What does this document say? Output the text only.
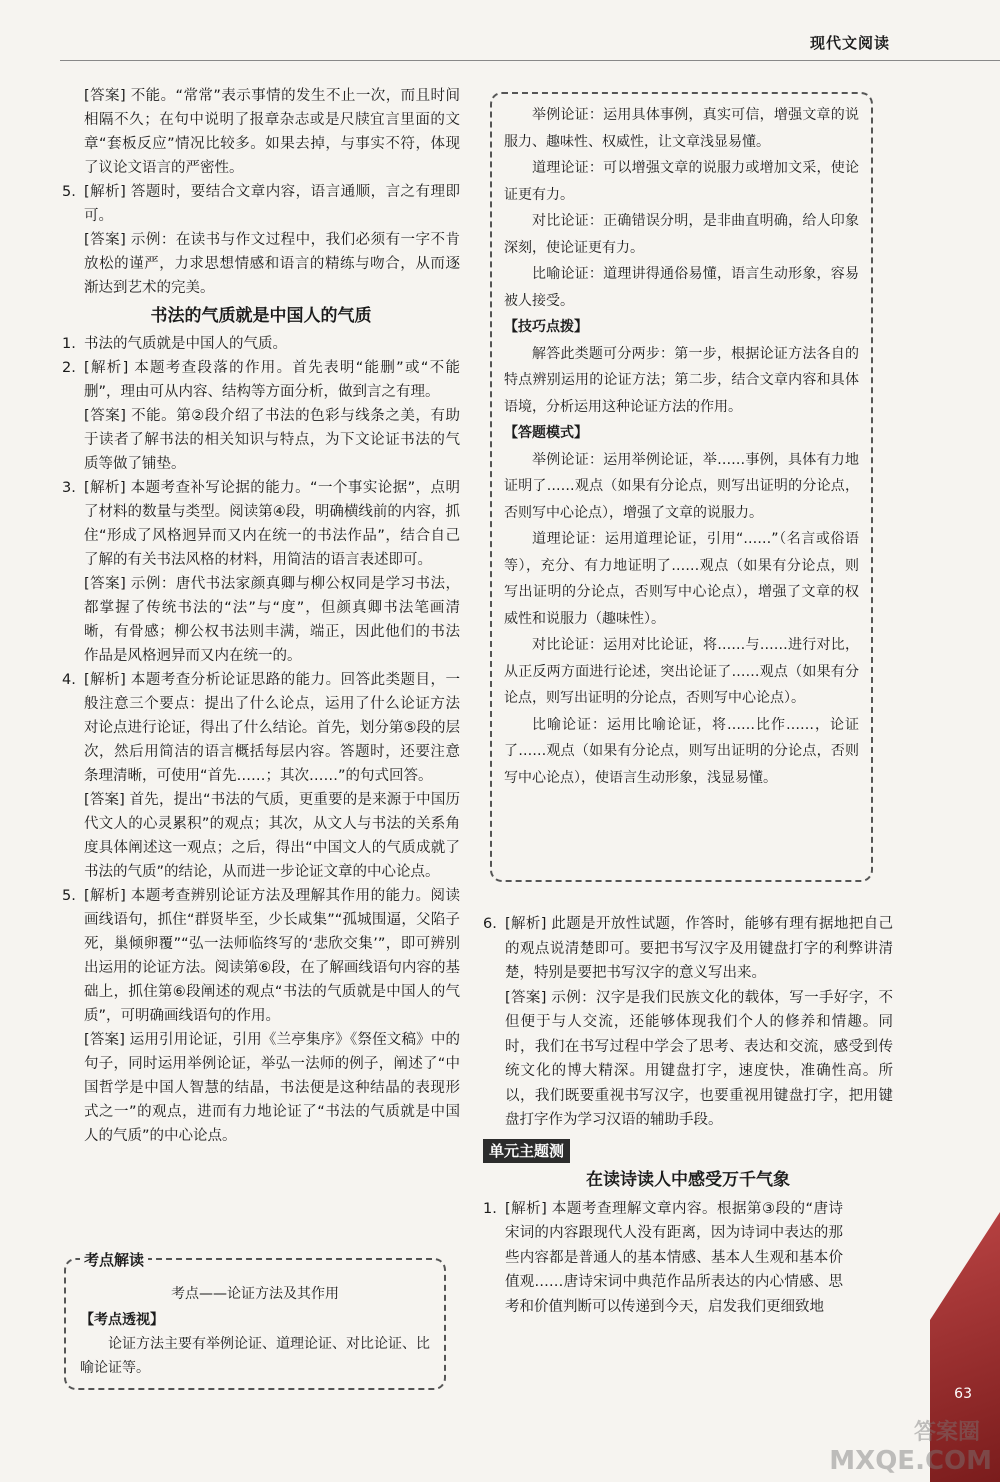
现代文阅读

[答案] 不能。“常常”表示事情的发生不止一次，而且时间相隔不久；在句中说明了报章杂志或是尺牍宜言里面的文章“套板反应”情况比较多。如果去掉，与事实不符，体现了议论文语言的严密性。

5. [解析] 答题时，要结合文章内容，语言通顺，言之有理即可。

[答案] 示例：在读书与作文过程中，我们必须有一字不肯放松的谨严，力求思想情感和语言的精练与吻合，从而逐渐达到艺术的完美。

书法的气质就是中国人的气质

1. 书法的气质就是中国人的气质。

2. [解析] 本题考查段落的作用。首先表明“能删”或“不能删”，理由可从内容、结构等方面分析，做到言之有理。

[答案] 不能。第②段介绍了书法的色彩与线条之美，有助于读者了解书法的相关知识与特点，为下文论证书法的气质等做了铺垫。

3. [解析] 本题考查补写论据的能力。“一个事实论据”，点明了材料的数量与类型。阅读第④段，明确横线前的内容，抓住“形成了风格迥异而又内在统一的书法作品”，结合自己了解的有关书法风格的材料，用简洁的语言表述即可。

[答案] 示例：唐代书法家颜真卿与柳公权同是学习书法，都掌握了传统书法的“法”与“度”，但颜真卿书法笔画清晰，有骨感；柳公权书法则丰满，端正，因此他们的书法作品是风格迥异而又内在统一的。

4. [解析] 本题考查分析论证思路的能力。回答此类题目，一般注意三个要点：提出了什么论点，运用了什么论证方法对论点进行论证，得出了什么结论。首先，划分第⑤段的层次，然后用简洁的语言概括每层内容。答题时，还要注意条理清晰，可使用“首先……；其次……”的句式回答。

[答案] 首先，提出“书法的气质，更重要的是来源于中国历代文人的心灵累积”的观点；其次，从文人与书法的关系角度具体阐述这一观点；之后，得出“中国文人的气质成就了书法的气质”的结论，从而进一步论证文章的中心论点。

5. [解析] 本题考查辨别论证方法及理解其作用的能力。阅读画线语句，抓住“群贤毕至，少长咸集”“孤城围逼，父陷子死，巢倾卵覆”“弘一法师临终写的‘悲欣交集’”，即可辨别出运用的论证方法。阅读第⑥段，在了解画线语句内容的基础上，抓住第⑥段阐述的观点“书法的气质就是中国人的气质”，可明确画线语句的作用。

[答案] 运用引用论证，引用《兰亭集序》《祭侄文稿》中的句子，同时运用举例论证，举弘一法师的例子，阐述了“中国哲学是中国人智慧的结晶，书法便是这种结晶的表现形式之一”的观点，进而有力地论证了“书法的气质就是中国人的气质”的中心论点。

考点解读
考点——论证方法及其作用
【考点透视】

论证方法主要有举例论证、道理论证、对比论证、比喻论证等。

举例论证：运用具体事例，真实可信，增强文章的说服力、趣味性、权威性，让文章浅显易懂。

道理论证：可以增强文章的说服力或增加文采，使论证更有力。

对比论证：正确错误分明，是非曲直明确，给人印象深刻，使论证更有力。

比喻论证：道理讲得通俗易懂，语言生动形象，容易被人接受。

【技巧点拨】

解答此类题可分两步：第一步，根据论证方法各自的特点辨别运用的论证方法；第二步，结合文章内容和具体语境，分析运用这种论证方法的作用。

【答题模式】

举例论证：运用举例论证，举……事例，具体有力地证明了……观点（如果有分论点，则写出证明的分论点，否则写中心论点），增强了文章的说服力。

道理论证：运用道理论证，引用“……”（名言或俗语等），充分、有力地证明了……观点（如果有分论点，则写出证明的分论点，否则写中心论点），增强了文章的权威性和说服力（趣味性）。

对比论证：运用对比论证，将……与……进行对比，从正反两方面进行论述，突出论证了……观点（如果有分论点，则写出证明的分论点，否则写中心论点）。

比喻论证：运用比喻论证，将……比作……，论证了……观点（如果有分论点，则写出证明的分论点，否则写中心论点），使语言生动形象，浅显易懂。

6. [解析] 此题是开放性试题，作答时，能够有理有据地把自己的观点说清楚即可。要把书写汉字及用键盘打字的利弊讲清楚，特别是要把书写汉字的意义写出来。

[答案] 示例：汉字是我们民族文化的载体，写一手好字，不但便于与人交流，还能够体现我们个人的修养和情趣。同时，我们在书写过程中学会了思考、表达和交流，感受到传统文化的博大精深。用键盘打字，速度快，准确性高。所以，我们既要重视书写汉字，也要重视用键盘打字，把用键盘打字作为学习汉语的辅助手段。

单元主题测
在读诗读人中感受万千气象

1. [解析] 本题考查理解文章内容。根据第③段的“唐诗宋词的内容跟现代人没有距离，因为诗词中表达的那些内容都是普通人的基本情感、基本人生观和基本价值观……唐诗宋词中典范作品所表达的内心情感、思考和价值判断可以传递到今天，启发我们更细致地

63
答案圈
MXQE.COM
